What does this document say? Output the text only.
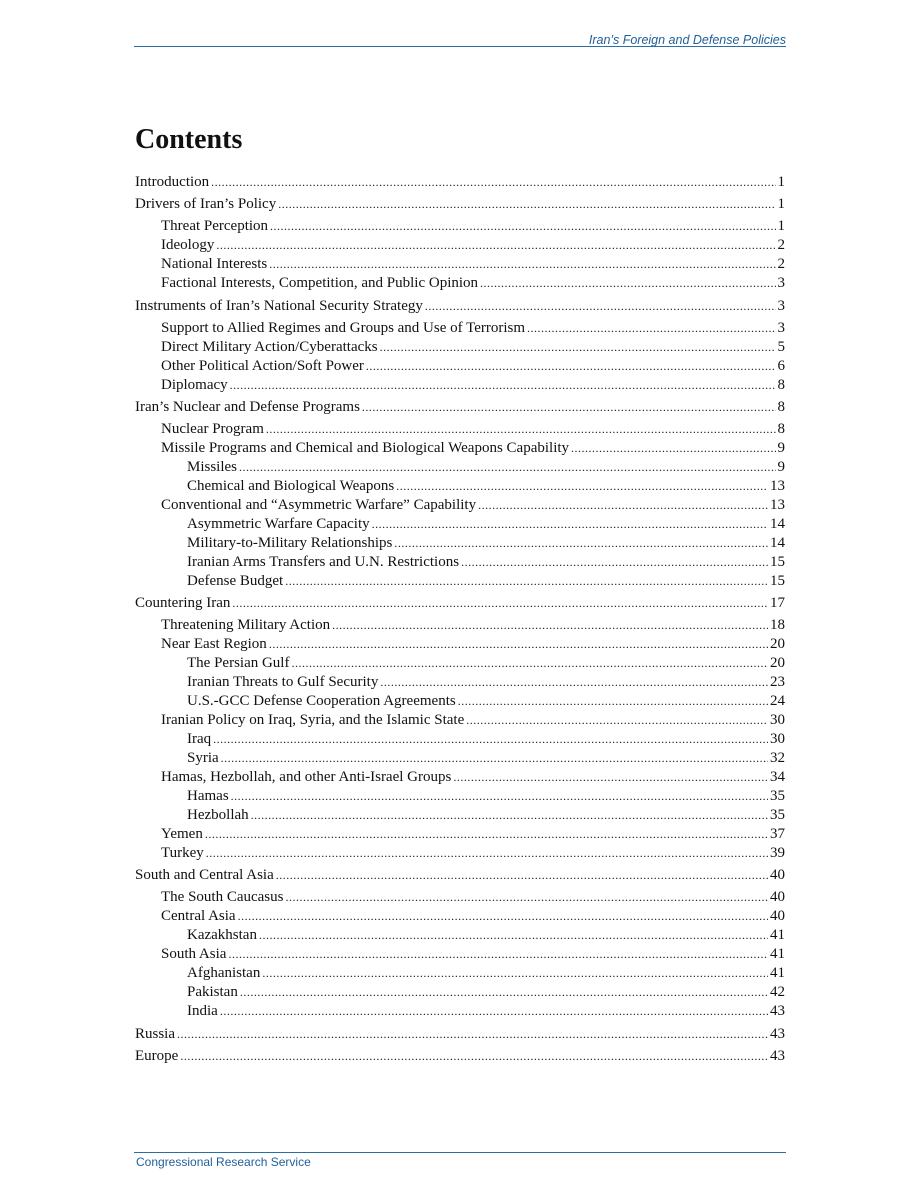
Iran’s Foreign and Defense Policies
Contents
Introduction .....	1
Drivers of Iran’s Policy .....	1
Threat Perception .....	1
Ideology .....	2
National Interests .....	2
Factional Interests, Competition, and Public Opinion .....	3
Instruments of Iran’s National Security Strategy .....	3
Support to Allied Regimes and Groups and Use of Terrorism .....	3
Direct Military Action/Cyberattacks .....	5
Other Political Action/Soft Power .....	6
Diplomacy .....	8
Iran’s Nuclear and Defense Programs .....	8
Nuclear Program .....	8
Missile Programs and Chemical and Biological Weapons Capability .....	9
Missiles .....	9
Chemical and Biological Weapons .....	13
Conventional and “Asymmetric Warfare” Capability .....	13
Asymmetric Warfare Capacity .....	14
Military-to-Military Relationships .....	14
Iranian Arms Transfers and U.N. Restrictions .....	15
Defense Budget .....	15
Countering Iran .....	17
Threatening Military Action .....	18
Near East Region .....	20
The Persian Gulf .....	20
Iranian Threats to Gulf Security .....	23
U.S.-GCC Defense Cooperation Agreements .....	24
Iranian Policy on Iraq, Syria, and the Islamic State .....	30
Iraq .....	30
Syria .....	32
Hamas, Hezbollah, and other Anti-Israel Groups .....	34
Hamas .....	35
Hezbollah .....	35
Yemen .....	37
Turkey .....	39
South and Central Asia .....	40
The South Caucasus .....	40
Central Asia .....	40
Kazakhstan .....	41
South Asia .....	41
Afghanistan .....	41
Pakistan .....	42
India .....	43
Russia .....	43
Europe .....	43
Congressional Research Service
